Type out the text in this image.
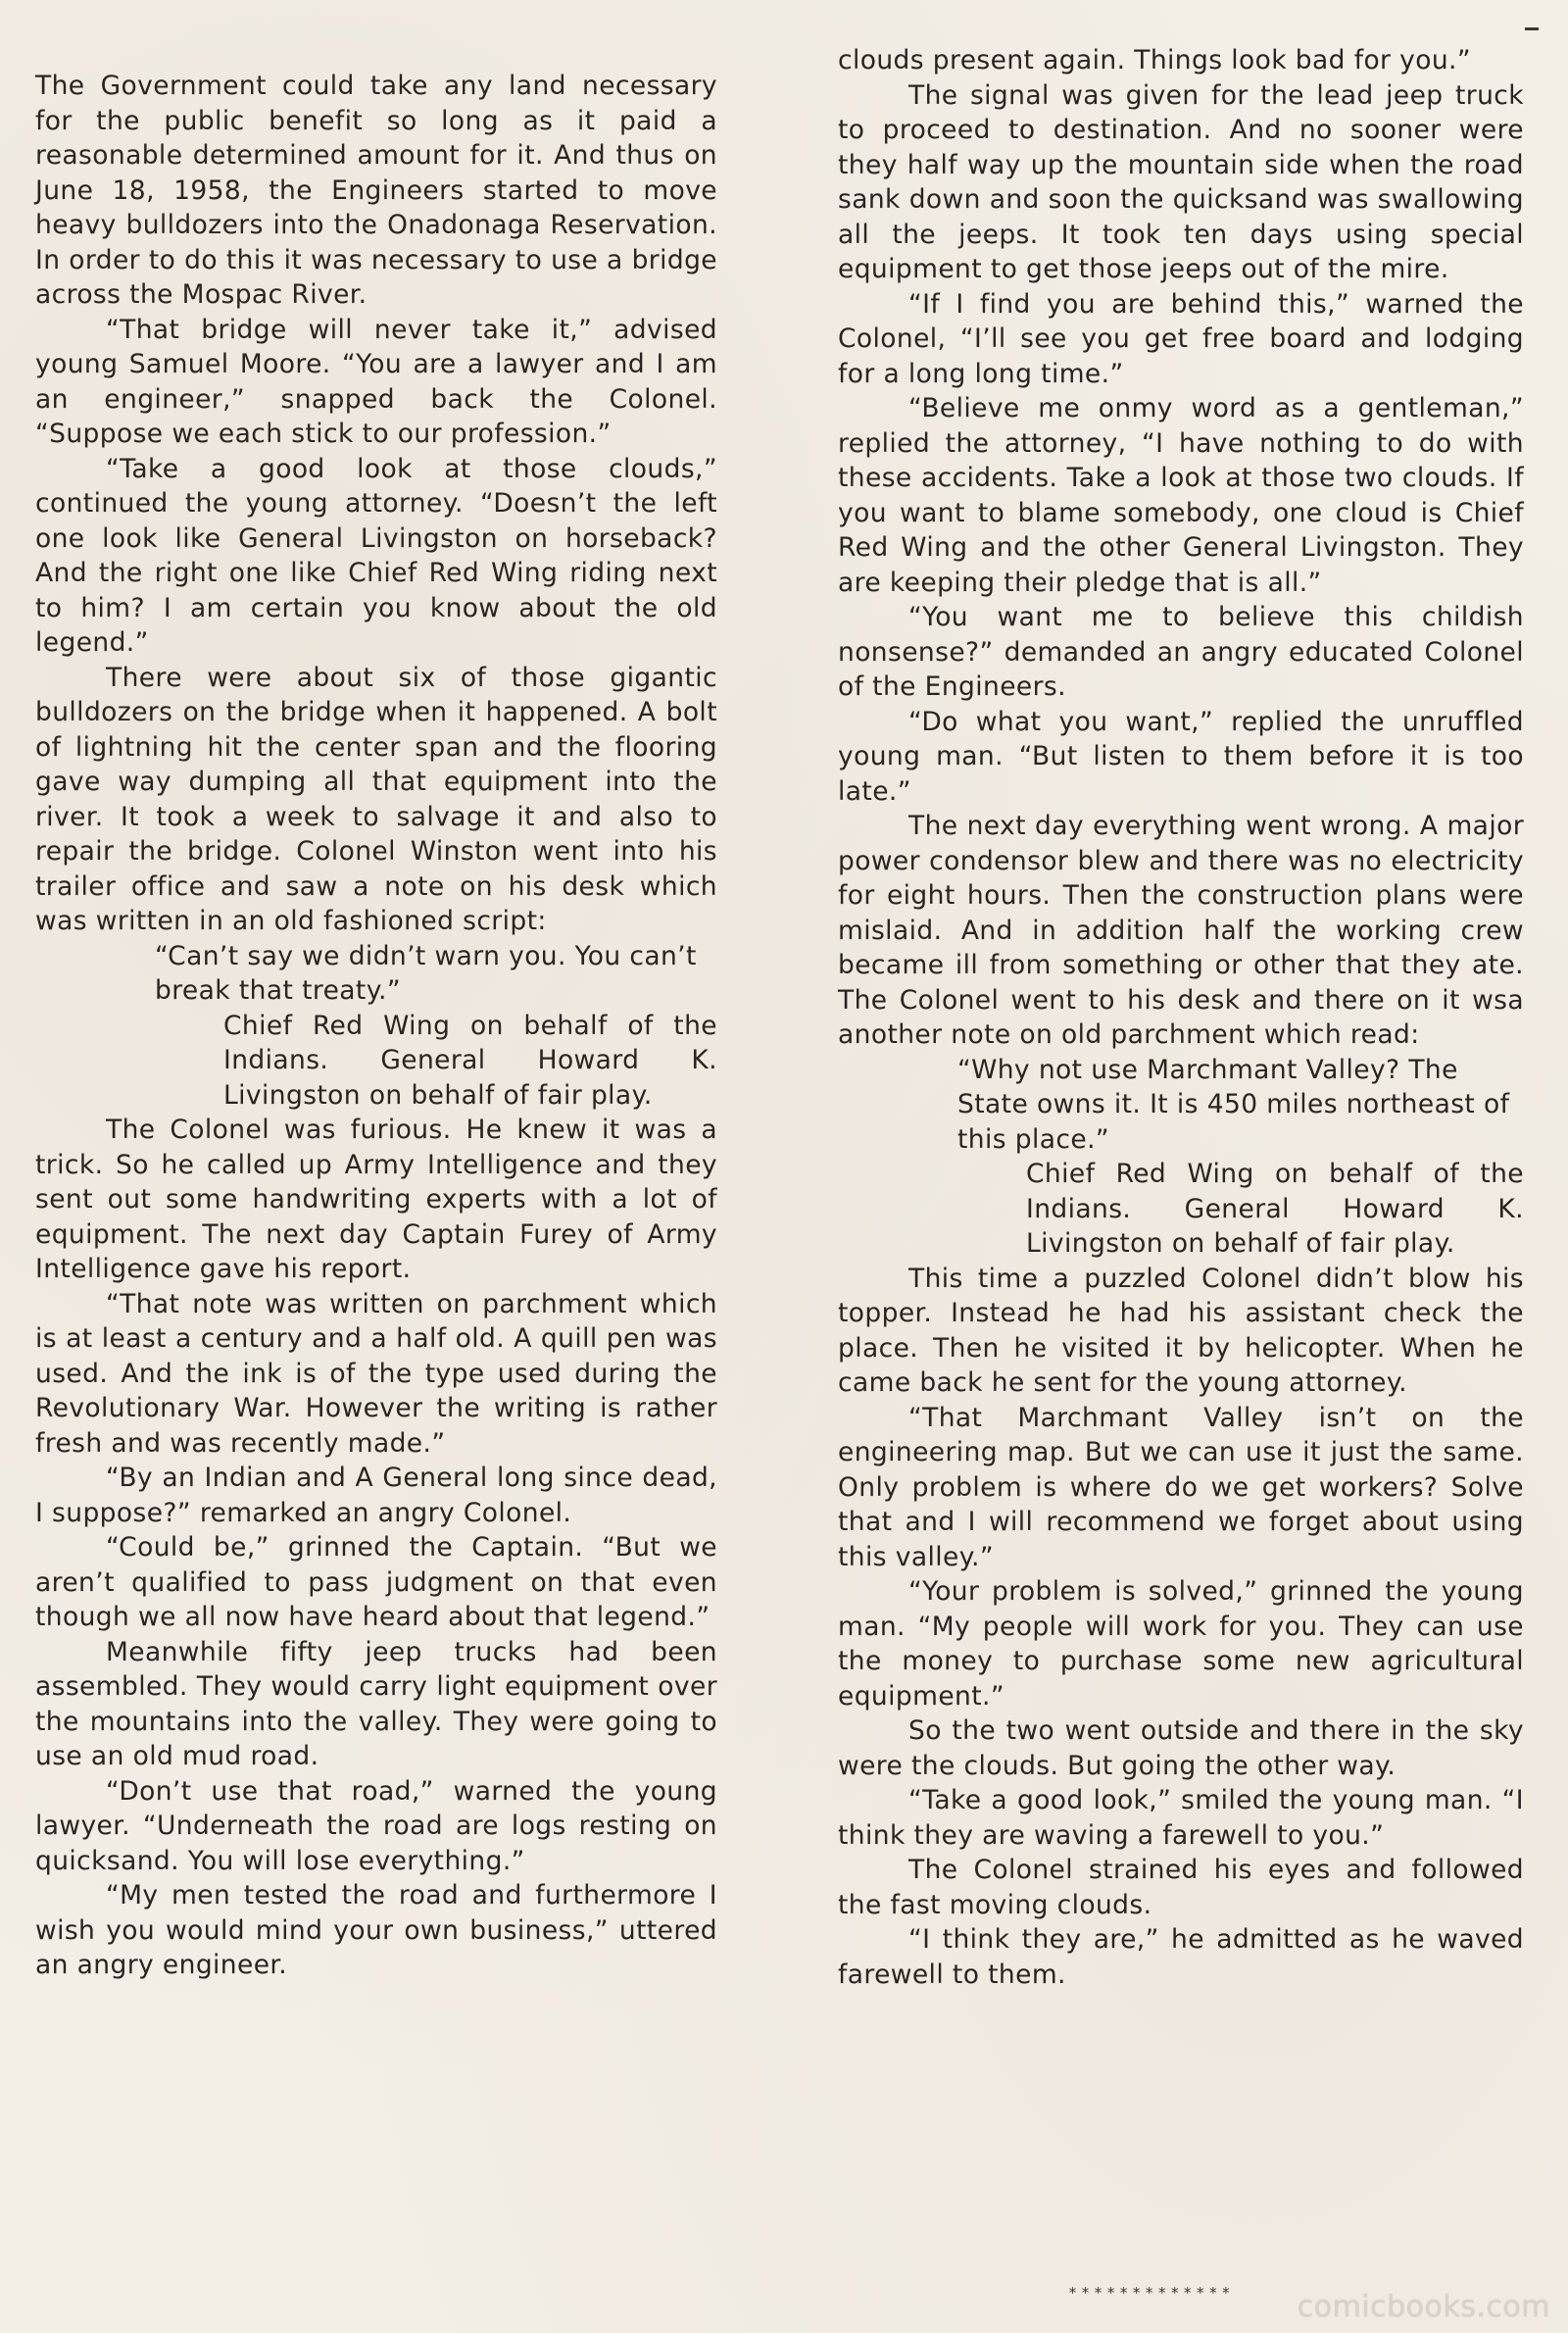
The Government could take any land necessary for the public benefit so long as it paid a reasonable determined amount for it. And thus on June 18, 1958, the Engineers started to move heavy bulldozers into the Onadonaga Reservation. In order to do this it was necessary to use a bridge across the Mospac River.

“That bridge will never take it,” advised young Samuel Moore. “You are a lawyer and I am an engineer,” snapped back the Colonel. “Suppose we each stick to our profession.”

“Take a good look at those clouds,” continued the young attorney. “Doesn’t the left one look like General Livingston on horseback? And the right one like Chief Red Wing riding next to him? I am certain you know about the old legend.”

There were about six of those gigantic bulldozers on the bridge when it happened. A bolt of lightning hit the center span and the flooring gave way dumping all that equipment into the river. It took a week to salvage it and also to repair the bridge. Colonel Winston went into his trailer office and saw a note on his desk which was written in an old fashioned script:

“Can’t say we didn’t warn you. You can’t break that treaty.”

Chief Red Wing on behalf of the Indians. General Howard K. Livingston on behalf of fair play.

The Colonel was furious. He knew it was a trick. So he called up Army Intelligence and they sent out some handwriting experts with a lot of equipment. The next day Captain Furey of Army Intelligence gave his report.

“That note was written on parchment which is at least a century and a half old. A quill pen was used. And the ink is of the type used during the Revolutionary War. However the writing is rather fresh and was recently made.”

“By an Indian and A General long since dead, I suppose?” remarked an angry Colonel.

“Could be,” grinned the Captain. “But we aren’t qualified to pass judgment on that even though we all now have heard about that legend.”

Meanwhile fifty jeep trucks had been assembled. They would carry light equipment over the mountains into the valley. They were going to use an old mud road.

“Don’t use that road,” warned the young lawyer. “Underneath the road are logs resting on quicksand. You will lose everything.”

“My men tested the road and furthermore I wish you would mind your own business,” uttered an angry engineer.

clouds present again. Things look bad for you.”

The signal was given for the lead jeep truck to proceed to destination. And no sooner were they half way up the mountain side when the road sank down and soon the quicksand was swallowing all the jeeps. It took ten days using special equipment to get those jeeps out of the mire.

“If I find you are behind this,” warned the Colonel, “I’ll see you get free board and lodging for a long long time.”

“Believe me onmy word as a gentleman,” replied the attorney, “I have nothing to do with these accidents. Take a look at those two clouds. If you want to blame somebody, one cloud is Chief Red Wing and the other General Livingston. They are keeping their pledge that is all.”

“You want me to believe this childish nonsense?” demanded an angry educated Colonel of the Engineers.

“Do what you want,” replied the unruffled young man. “But listen to them before it is too late.”

The next day everything went wrong. A major power condensor blew and there was no electricity for eight hours. Then the construction plans were mislaid. And in addition half the working crew became ill from something or other that they ate. The Colonel went to his desk and there on it wsa another note on old parchment which read:

“Why not use Marchmant Valley? The State owns it. It is 450 miles northeast of this place.”

Chief Red Wing on behalf of the Indians. General Howard K. Livingston on behalf of fair play.

This time a puzzled Colonel didn’t blow his topper. Instead he had his assistant check the place. Then he visited it by helicopter. When he came back he sent for the young attorney.

“That Marchmant Valley isn’t on the engineering map. But we can use it just the same. Only problem is where do we get workers? Solve that and I will recommend we forget about using this valley.”

“Your problem is solved,” grinned the young man. “My people will work for you. They can use the money to purchase some new agricultural equipment.”

So the two went outside and there in the sky were the clouds. But going the other way.

“Take a good look,” smiled the young man. “I think they are waving a farewell to you.”

The Colonel strained his eyes and followed the fast moving clouds.

“I think they are,” he admitted as he waved farewell to them.

************* comicbooks.com
